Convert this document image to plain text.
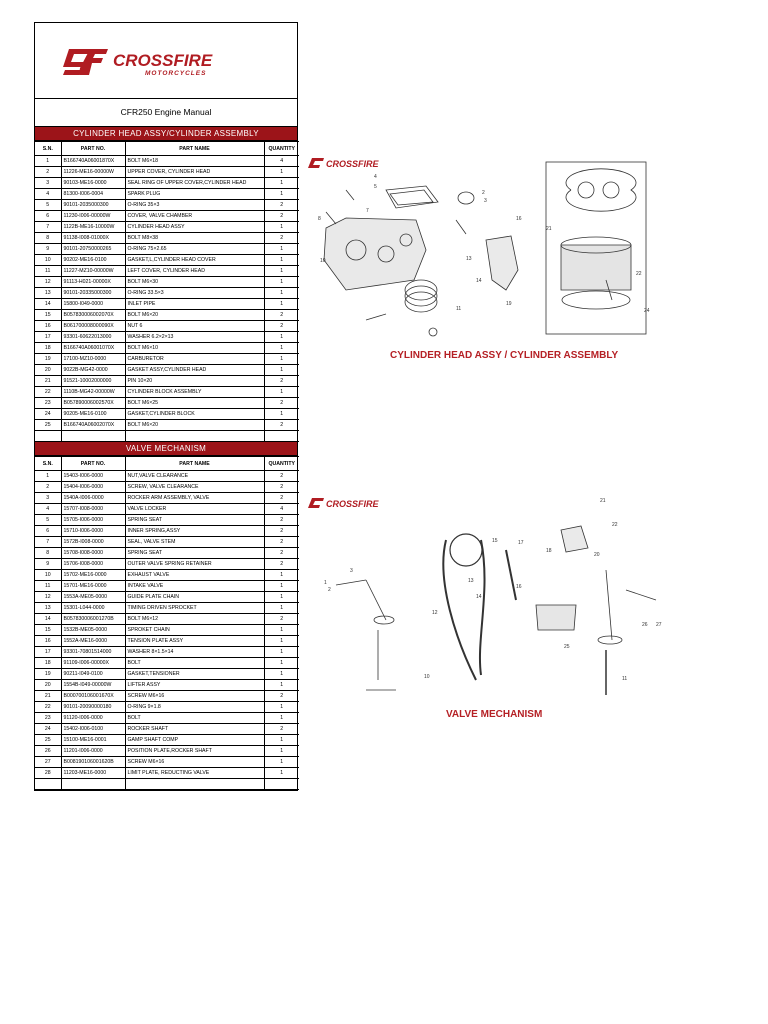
CROSSFIRE
MOTORCYCLES
CFR250 Engine Manual
CYLINDER HEAD ASSY/CYLINDER ASSEMBLY
S.N.	PART NO.	PART NAME	QUANTITY
1	B166740A06001870X	BOLT M6×18	4
2	11226-ME16-00000W	UPPER COVER, CYLINDER HEAD	1
3	90103-ME16-0000	SEAL RING OF UPPER COVER,CYLINDER HEAD	1
4	81300-I006-0004	SPARK PLUG	1
5	90101-2035000300	O-RING 35×3	2
6	11230-I006-00000W	COVER, VALVE CHAMBER	2
7	1122B-ME16-10000W	CYLINDER HEAD ASSY	1
8	91138-I008-01000X	BOLT M8×38	2
9	90101-20750000265	O-RING 75×2.65	1
10	90202-ME16-0100	GASKET,L,CYLINDER HEAD COVER	1
11	11227-MZ10-00000W	LEFT COVER, CYLINDER HEAD	1
12	91113-H021-00000X	BOLT M6×30	1
13	90101-20335000300	O-RING 33.5×3	1
14	15800-I049-0000	INLET PIPE	1
15	B057830006002070X	BOLT M6×20	2
16	B061700008000090X	NUT 6	2
17	93301-60622013000	WASHER 6.2×2×13	1
18	B166740A06001070X	BOLT M6×10	1
19	17100-MZ10-0000	CARBURETOR	1
20	9022B-MG42-0000	GASKET ASSY,CYLINDER HEAD	1
21	91521-10002000000	PIN 10×20	2
22	1110B-MG42-00000W	CYLINDER BLOCK ASSEMBLY	1
23	B057890006002570X	BOLT M6×25	2
24	90205-ME16-0100	GASKET,CYLINDER BLOCK	1
25	B166740A06002070X	BOLT M6×20	2

VALVE MECHANISM
S.N.	PART NO.	PART NAME	QUANTITY
1	15403-I006-0000	NUT,VALVE CLEARANCE	2
2	15404-I006-0000	SCREW, VALVE CLEARANCE	2
3	1540A-I006-0000	ROCKER ARM ASSEMBLY, VALVE	2
4	15707-I008-0000	VALVE LOCKER	4
5	15705-I006-0000	SPRING SEAT	2
6	15710-I006-0000	INNER SPRING,ASSY	2
7	1572B-I008-0000	SEAL, VALVE STEM	2
8	15708-I008-0000	SPRING SEAT	2
9	15706-I008-0000	OUTER VALVE SPRING RETAINER	2
10	15702-ME16-0000	EXHAUST VALVE	1
11	15701-ME16-0000	INTAKE VALVE	1
12	1553A-ME05-0000	GUIDE PLATE CHAIN	1
13	15301-L044-0000	TIMING DRIVEN SPROCKET	1
14	B057830006001270B	BOLT M6×12	2
15	1532B-ME05-0000	SPROKET CHAIN	1
16	1552A-ME16-0000	TENSION PLATE ASSY	1
17	93301-70801514000	WASHER 8×1.5×14	1
18	91109-I006-00000X	BOLT	1
19	90211-I049-0100	GASKET,TENSIONER	1
20	1554B-I049-00000W	LIFTER ASSY	1
21	B000700106001670X	SCREW M6×16	2
22	90101-20090000180	O-RING 9×1.8	1
23	91120-I006-0000	BOLT	1
24	15402-I006-0100	ROCKER SHAFT	2
25	15100-ME16-0001	GAMP SHAFT COMP	1
26	11201-I006-0000	POSITION PLATE,ROCKER SHAFT	1
27	B008190106001620B	SCREW M6×16	1
28	11203-ME16-0000	LIMIT PLATE, REDUCTING VALVE	1

CROSSFIRE
4
5
7
2
3
16
8
10
11
22
24
21
13
14
19
CYLINDER HEAD ASSY / CYLINDER ASSEMBLY
CROSSFIRE
15	17
18
21
22
20
12
13
14
16
25
10	11
26 27
3
1
2
VALVE MECHANISM
